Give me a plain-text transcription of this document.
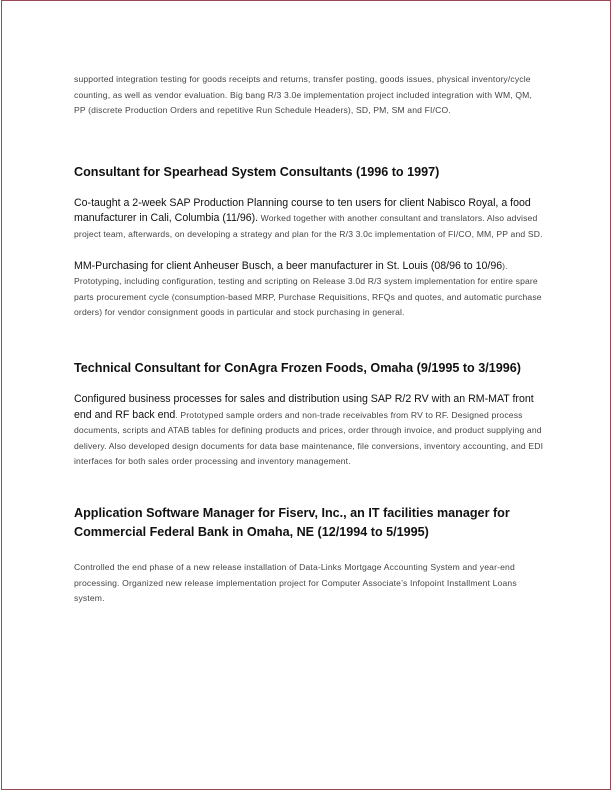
supported integration testing for goods receipts and returns, transfer posting, goods issues, physical inventory/cycle counting, as well as vendor evaluation. Big bang R/3 3.0e implementation project included integration with WM, QM, PP (discrete Production Orders and repetitive Run Schedule Headers), SD, PM, SM and FI/CO.

Consultant for Spearhead System Consultants (1996 to 1997)

Co-taught a 2-week SAP Production Planning course to ten users for client Nabisco Royal, a food manufacturer in Cali, Columbia (11/96). Worked together with another consultant and translators. Also advised project team, afterwards, on developing a strategy and plan for the R/3 3.0c implementation of FI/CO, MM, PP and SD.

MM-Purchasing for client Anheuser Busch, a beer manufacturer in St. Louis (08/96 to 10/96). Prototyping, including configuration, testing and scripting on Release 3.0d R/3 system implementation for entire spare parts procurement cycle (consumption-based MRP, Purchase Requisitions, RFQs and quotes, and automatic purchase orders) for vendor consignment goods in particular and stock purchasing in general.

Technical Consultant for ConAgra Frozen Foods, Omaha (9/1995 to 3/1996)

Configured business processes for sales and distribution using SAP R/2 RV with an RM-MAT front end and RF back end. Prototyped sample orders and non-trade receivables from RV to RF. Designed process documents, scripts and ATAB tables for defining products and prices, order through invoice, and product supplying and delivery. Also developed design documents for data base maintenance, file conversions, inventory accounting, and EDI interfaces for both sales order processing and inventory management.

Application Software Manager for Fiserv, Inc., an IT facilities manager for Commercial Federal Bank in Omaha, NE (12/1994 to 5/1995)

Controlled the end phase of a new release installation of Data-Links Mortgage Accounting System and year-end processing. Organized new release implementation project for Computer Associate’s Infopoint Installment Loans system.
